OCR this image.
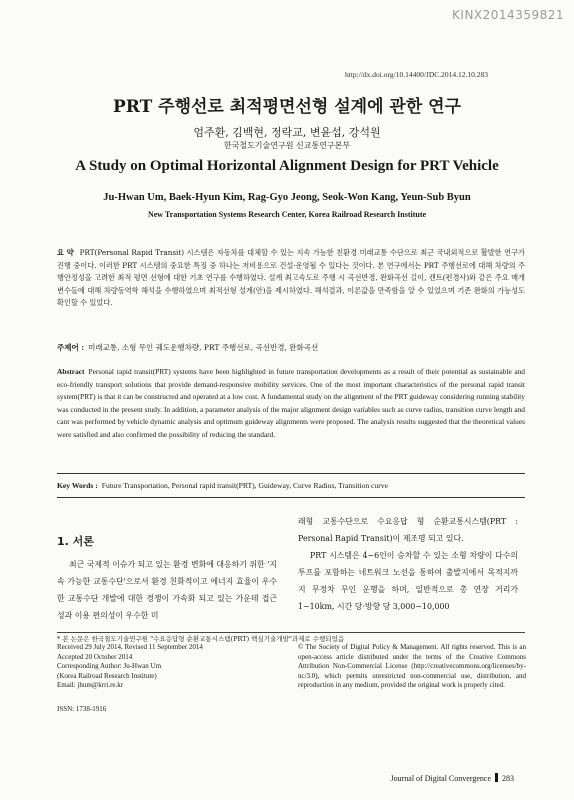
KINX2014359821
http://dx.doi.org/10.14400/JDC.2014.12.10.283
PRT 주행선로 최적평면선형 설계에 관한 연구
엄주환, 김백현, 정락교, 변윤섭, 강석원
한국철도기술연구원 신교통연구본부
A Study on Optimal Horizontal Alignment Design for PRT Vehicle
Ju-Hwan Um, Baek-Hyun Kim, Rag-Gyo Jeong, Seok-Won Kang, Yeun-Sub Byun
New Transportation Systems Research Center, Korea Railroad Research Institute
요 약 PRT(Personal Rapid Transit) 시스템은 자동차를 대체할 수 있는 지속 가능한 친환경 미래교통 수단으로 최근 국내외적으로 활발한 연구가 진행 중이다. 이러한 PRT 시스템의 중요한 특징 중 하나는 저비용으로 건설·운영될 수 있다는 것이다. 본 연구에서는 PRT 주행선로에 대해 차량의 주행안정성을 고려한 최적 평면 선형에 대한 기초 연구를 수행하였다. 설계 최고속도로 주행 시 곡선반경, 완화곡선 길이, 캔트(편경사)와 같은 주요 매개변수들에 대해 차량동역학 해석을 수행하였으며 최적선형 설계(안)을 제시하였다. 해석결과, 이론값을 만족함을 알 수 있었으며 기존 완화의 가능성도 확인할 수 있었다.
주제어 : 미래교통, 소형 무인 궤도운행차량, PRT 주행선로, 곡선반경, 완화곡선
Abstract Personal rapid transit(PRT) systems have been highlighted in future transportation developments as a result of their potential as sustainable and eco-friendly transport solutions that provide demand-responsive mobility services. One of the most important characteristics of the personal rapid transit system(PRT) is that it can be constructed and operated at a low cost. A fundamental study on the alignment of the PRT guideway considering running stability was conducted in the present study. In addition, a parameter analysis of the major alignment design variables such as curve radius, transition curve length and cant was performed by vehicle dynamic analysis and optimum guideway alignments were proposed. The analysis results suggested that the theoretical values were satisfied and also confirmed the possibility of reducing the standard.
Key Words : Future Transportation, Personal rapid transit(PRT), Guideway, Curve Radius, Transition curve
1. 서론

최근 국제적 이슈가 되고 있는 환경 변화에 대응하기 위한 '지속 가능한 교통수단'으로서 환경 친화적이고 에너지 효율이 우수한 교통수단 개발에 대한 경쟁이 가속화 되고 있는 가운데 접근성과 이용 편의성이 우수한 미

래형 교통수단으로 수요응답 형 순환교통시스템(PRT : Personal Rapid Transit)이 제조명 되고 있다.

PRT 시스템은 4~6인이 승차할 수 있는 소형 차량이 다수의 투프를 포함하는 네트워크 노선을 통하여 출발지에서 목적지까지 무정차 무인 운행을 하며, 일반적으로 총 연장 거리가 1~10km, 시간 당·방향 당 3,000~10,000

* 본 논문은 한국철도기술연구원 "수요응답형 순환교통시스템(PRT) 핵심기술개발"과제로 수행되었음
Received 29 July 2014, Revised 11 September 2014
Accepted 20 October 2014
Corresponding Author: Ju-Hwan Um
(Korea Railroad Research Institute)
Email: jhum@krri.re.kr
ISSN: 1738-1916
© The Society of Digital Policy & Management. All rights reserved. This is an open-access article distributed under the terms of the Creative Commons Attribution Non-Commercial License (http://creativecommons.org/licenses/by-nc/3.0), which permits unrestricted non-commercial use, distribution, and reproduction in any medium, provided the original work is properly cited.
Journal of Digital Convergence 283
